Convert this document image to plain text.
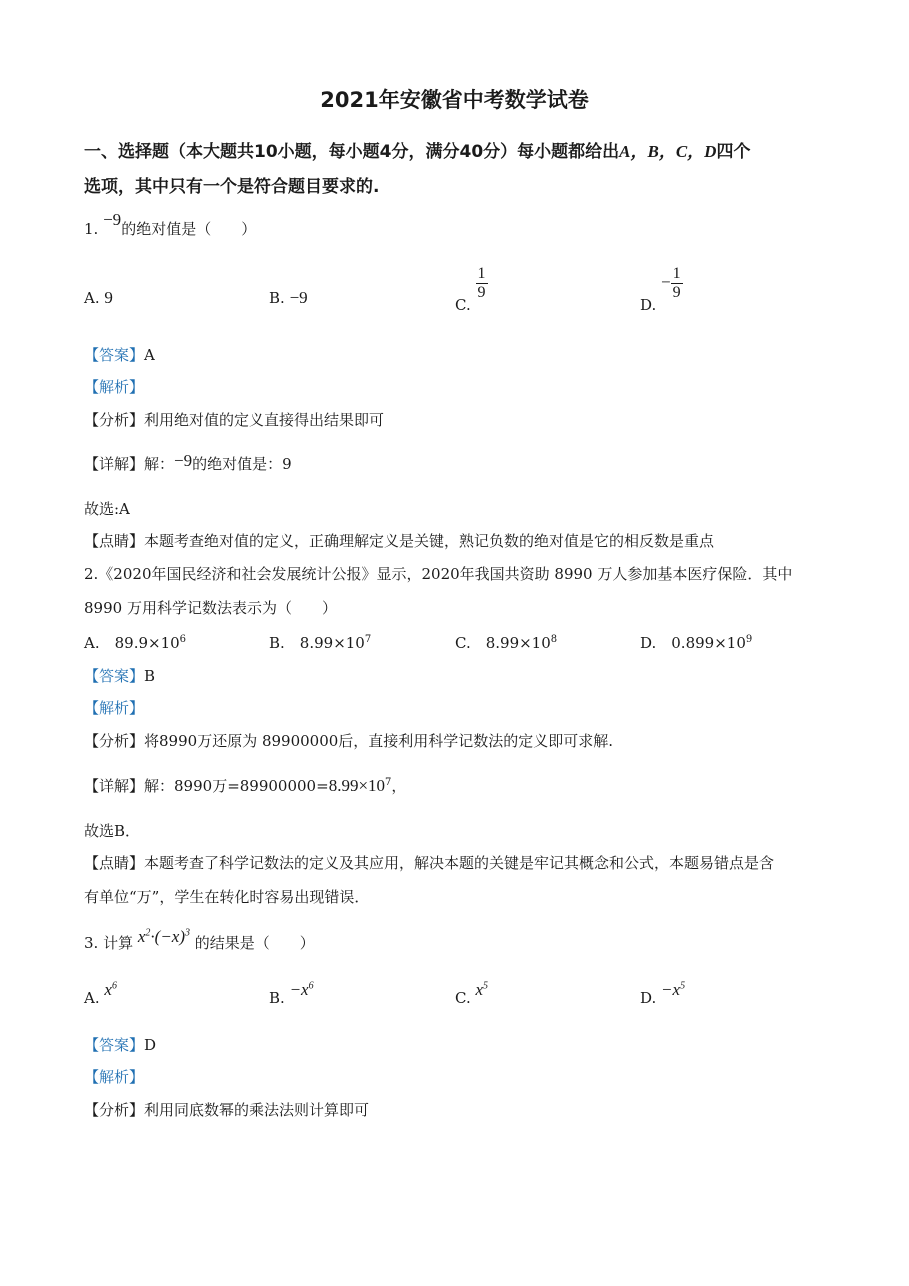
2021年安徽省中考数学试卷
一、选择题（本大题共10小题，每小题4分，满分40分）每小题都给出A，B，C，D四个
选项，其中只有一个是符合题目要求的.
1. −9的绝对值是（　　）
A. 9	B. −9	C.
$\frac{1}{9}$
D. − $\frac{1}{9}$
【答案】A
【解析】
【分析】利用绝对值的定义直接得出结果即可
【详解】解：−9的绝对值是：9
故选:A
【点睛】本题考查绝对值的定义，正确理解定义是关键，熟记负数的绝对值是它的相反数是重点
2.《2020年国民经济和社会发展统计公报》显示，2020年我国共资助 8990 万人参加基本医疗保险．其中
8990 万用科学记数法表示为（　　）
A.　$89.9\times 10^6$	B.　$8.99\times 10^7$	C.　$8.99\times 10^8$	D.　$0.899\times 10^9$
【答案】B
【解析】
【分析】将8990万还原为 89900000后，直接利用科学记数法的定义即可求解.
【详解】解：8990万$=89900000=8.99\times 10^7$，
故选B．
【点睛】本题考查了科学记数法的定义及其应用，解决本题的关键是牢记其概念和公式，本题易错点是含
有单位“万”，学生在转化时容易出现错误．
3. 计算 $x^2\cdot(-x)^3$ 的结果是（　　）
A. $x^6$
B. $-x^6$
C. $x^5$
D. $-x^5$
【答案】D
【解析】
【分析】利用同底数幂的乘法法则计算即可
